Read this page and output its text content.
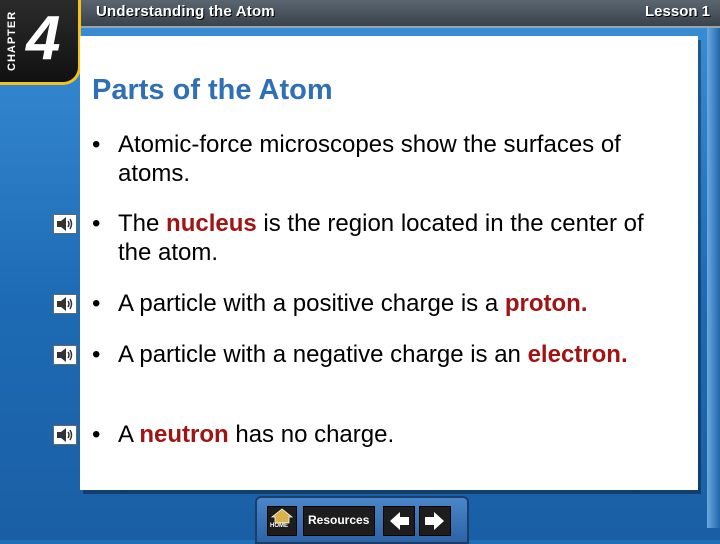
Understanding the Atom	Lesson 1
CHAPTER 4
Parts of the Atom
• Atomic-force microscopes show the surfaces of atoms.
• The nucleus is the region located in the center of the atom.
• A particle with a positive charge is a proton.
• A particle with a negative charge is an electron.
• A neutron has no charge.
HOME Resources
